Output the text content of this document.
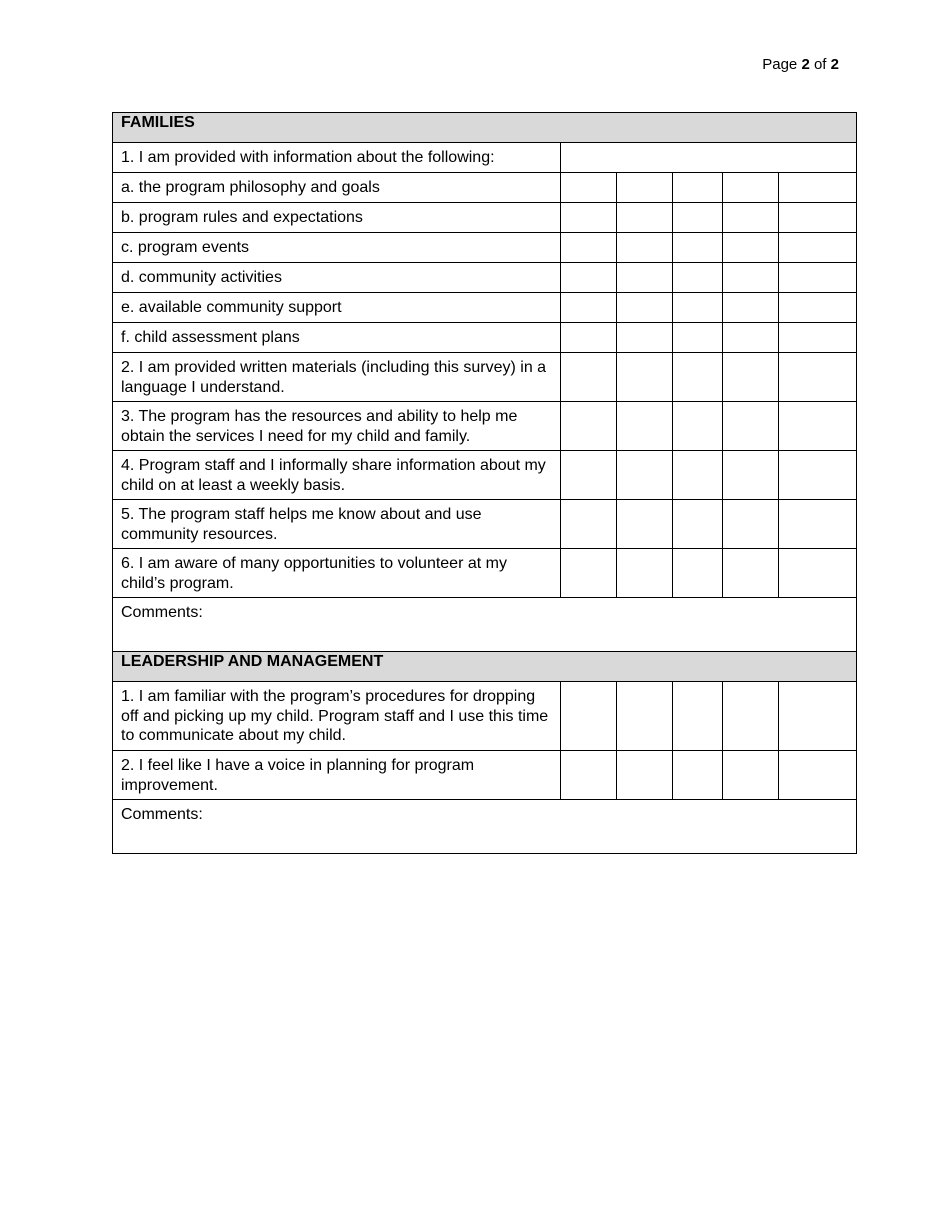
Page 2 of 2
FAMILIES					
1. I am provided with information about the following:					
a. the program philosophy and goals					
b. program rules and expectations					
c. program events					
d. community activities					
e. available community support					
f. child assessment plans					
2. I am provided written materials (including this survey) in a language I understand.					
3. The program has the resources and ability to help me obtain the services I need for my child and family.					
4. Program staff and I informally share information about my child on at least a weekly basis.					
5. The program staff helps me know about and use community resources.					
6. I am aware of many opportunities to volunteer at my child’s program.					
Comments:					
LEADERSHIP AND MANAGEMENT					
1. I am familiar with the program’s procedures for dropping off and picking up my child. Program staff and I use this time to communicate about my child.					
2. I feel like I have a voice in planning for program improvement.					
Comments:					
